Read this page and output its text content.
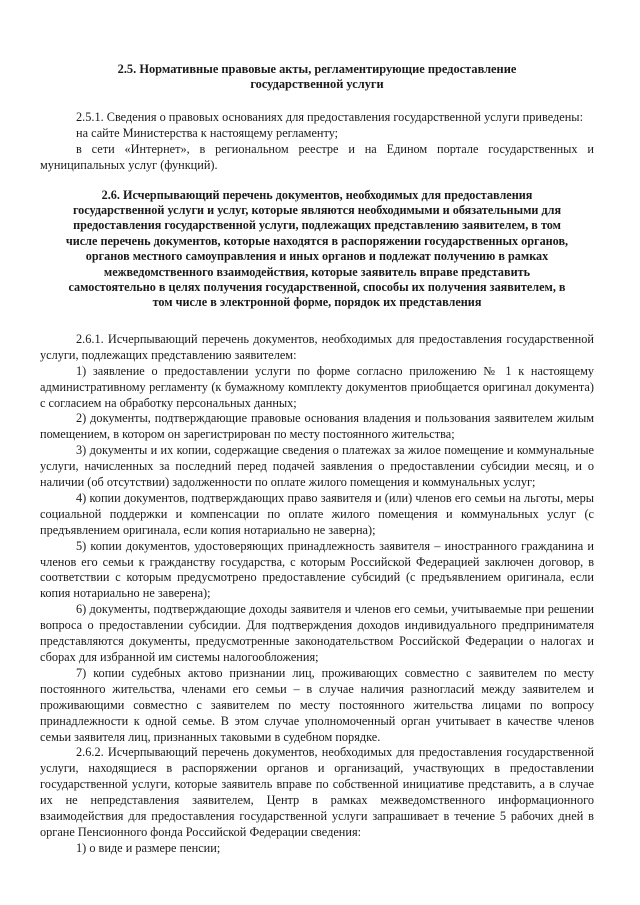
2.5. Нормативные правовые акты, регламентирующие предоставление
государственной услуги

2.5.1. Сведения о правовых основаниях для предоставления государственной услуги приведены:

на сайте Министерства к настоящему регламенту;

в сети «Интернет», в региональном реестре и на Едином портале государственных и муниципальных услуг (функций).

2.6. Исчерпывающий перечень документов, необходимых для предоставления
государственной услуги и услуг, которые являются необходимыми и обязательными для
предоставления государственной услуги, подлежащих представлению заявителем, в том
числе перечень документов, которые находятся в распоряжении государственных органов,
органов местного самоуправления и иных органов и подлежат получению в рамках
межведомственного взаимодействия, которые заявитель вправе представить
самостоятельно в целях получения государственной, способы их получения заявителем, в
том числе в электронной форме, порядок их представления

2.6.1. Исчерпывающий перечень документов, необходимых для предоставления государственной услуги, подлежащих представлению заявителем:

1) заявление о предоставлении услуги по форме согласно приложению № 1 к настоящему административному регламенту (к бумажному комплекту документов приобщается оригинал документа) с согласием на обработку персональных данных;

2) документы, подтверждающие правовые основания владения и пользования заявителем жилым помещением, в котором он зарегистрирован по месту постоянного жительства;

3) документы и их копии, содержащие сведения о платежах за жилое помещение и коммунальные услуги, начисленных за последний перед подачей заявления о предоставлении субсидии месяц, и о наличии (об отсутствии) задолженности по оплате жилого помещения и коммунальных услуг;

4) копии документов, подтверждающих право заявителя и (или) членов его семьи на льготы, меры социальной поддержки и компенсации по оплате жилого помещения и коммунальных услуг (с предъявлением оригинала, если копия нотариально не заверна);

5) копии документов, удостоверяющих принадлежность заявителя – иностранного гражданина и членов его семьи к гражданству государства, с которым Российской Федерацией заключен договор, в соответствии с которым предусмотрено предоставление субсидий (с предъявлением оригинала, если копия нотариально не заверена);

6) документы, подтверждающие доходы заявителя и членов его семьи, учитываемые при решении вопроса о предоставлении субсидии. Для подтверждения доходов индивидуального предпринимателя представляются документы, предусмотренные законодательством Российской Федерации о налогах и сборах для избранной им системы налогообложения;

7) копии судебных актово признании лиц, проживающих совместно с заявителем по месту постоянного жительства, членами его семьи – в случае наличия разногласий между заявителем и проживающими совместно с заявителем по месту постоянного жительства лицами по вопросу принадлежности к одной семье. В этом случае уполномоченный орган учитывает в качестве членов семьи заявителя лиц, признанных таковыми в судебном порядке.

2.6.2. Исчерпывающий перечень документов, необходимых для предоставления государственной услуги, находящиеся в распоряжении органов и организаций, участвующих в предоставлении государственной услуги, которые заявитель вправе по собственной инициативе представить, а в случае их не непредставления заявителем, Центр в рамках межведомственного информационного взаимодействия для предоставления государственной услуги запрашивает в течение 5 рабочих дней в органе Пенсионного фонда Российской Федерации сведения:

1) о виде и размере пенсии;
